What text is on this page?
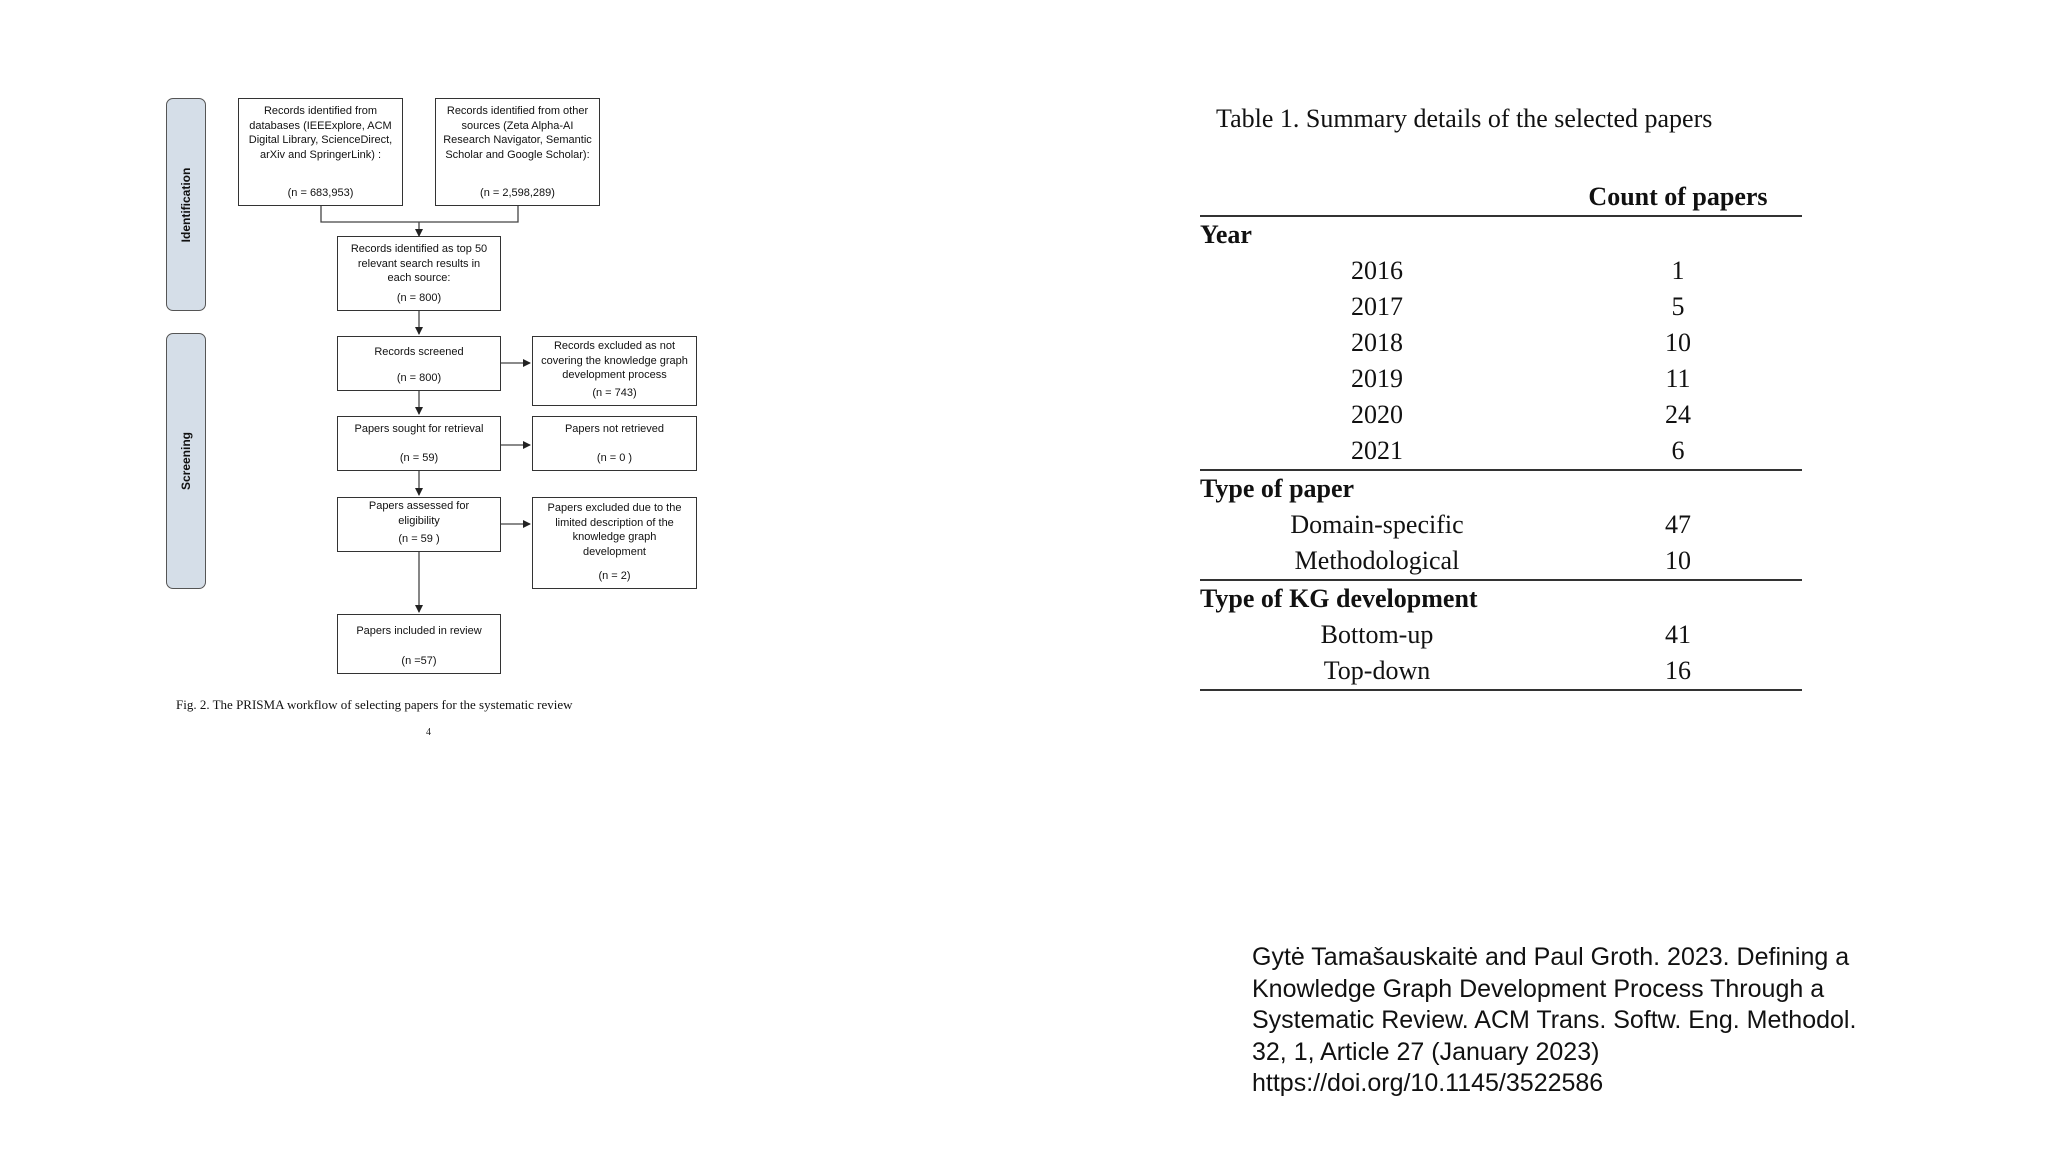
Identification
Screening
Records identified from databases (IEEExplore, ACM Digital Library, ScienceDirect, arXiv and SpringerLink) :
(n = 683,953)
Records identified from other sources (Zeta Alpha-AI Research Navigator, Semantic Scholar and Google Scholar):
(n = 2,598,289)
Records identified as top 50 relevant search results in each source:
(n = 800)
Records screened
(n = 800)
Records excluded as not covering the knowledge graph development process
(n = 743)
Papers sought for retrieval
(n = 59)
Papers not retrieved
(n = 0 )
Papers assessed for eligibility
(n = 59 )
Papers excluded due to the limited description of the knowledge graph development
(n = 2)
Papers included in review
(n =57)
Fig. 2. The PRISMA workflow of selecting papers for the systematic review
4
Table 1. Summary details of the selected papers
	Count of papers
Year	
2016	1
2017	5
2018	10
2019	11
2020	24
2021	6
Type of paper	
Domain-specific	47
Methodological	10
Type of KG development	
Bottom-up	41
Top-down	16
Gytė Tamašauskaitė and Paul Groth. 2023. Defining a
Knowledge Graph Development Process Through a
Systematic Review. ACM Trans. Softw. Eng. Methodol.
32, 1, Article 27 (January 2023)
https://doi.org/10.1145/3522586
